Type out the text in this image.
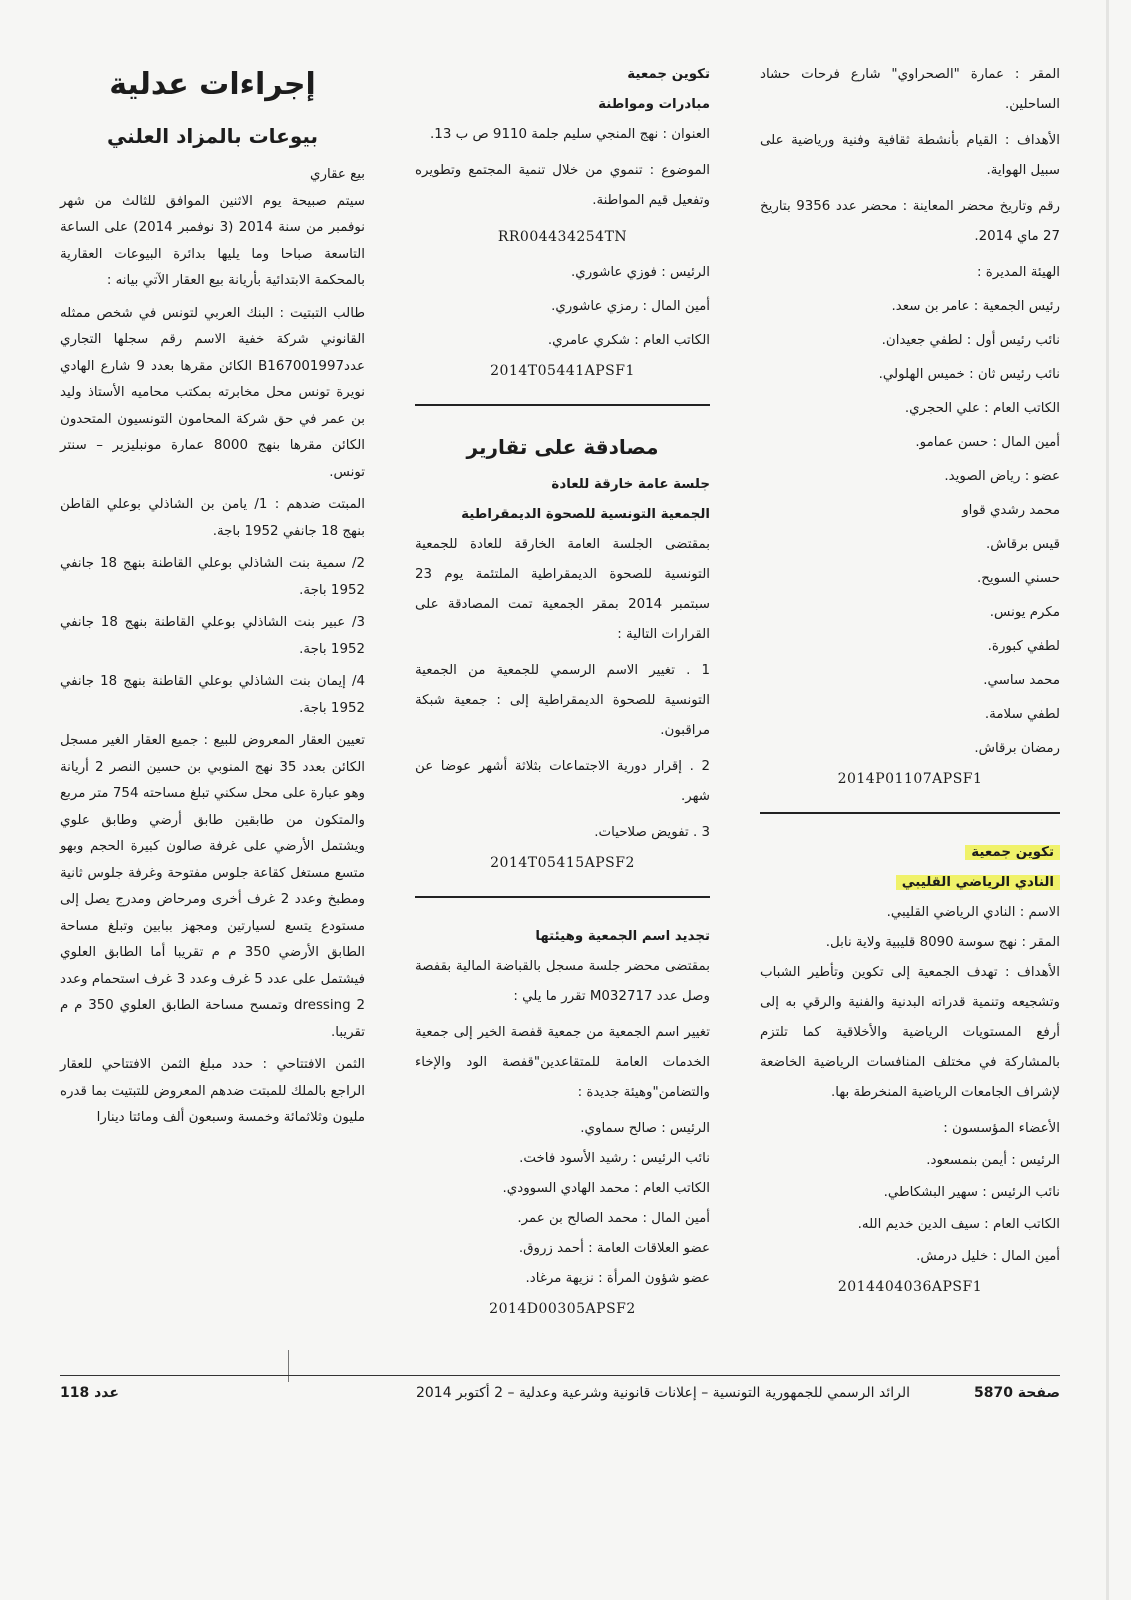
المقر : عمارة "الصحراوي" شارع فرحات حشاد الساحلين.

الأهداف : القيام بأنشطة ثقافية وفنية ورياضية على سبيل الهواية.

رقم وتاريخ محضر المعاينة : محضر عدد 9356 بتاريخ 27 ماي 2014.

الهيئة المديرة :

رئيس الجمعية : عامر بن سعد.

نائب رئيس أول : لطفي جعيدان.

نائب رئيس ثان : خميس الهلولي.

الكاتب العام : علي الحجري.

أمين المال : حسن عمامو.

عضو : رياض الصويد.

محمد رشدي قواو

قيس برقاش.

حسني السويح.

مكرم يونس.

لطفي كبورة.

محمد ساسي.

لطفي سلامة.

رمضان برقاش.

2014P01107APSF1

تكوين جمعية

النادي الرياضي القليبي

الاسم : النادي الرياضي القليبي.

المقر : نهج سوسة 8090 قليبية ولاية نابل.

الأهداف : تهدف الجمعية إلى تكوين وتأطير الشباب وتشجيعه وتنمية قدراته البدنية والفنية والرقي به إلى أرفع المستويات الرياضية والأخلاقية كما تلتزم بالمشاركة في مختلف المنافسات الرياضية الخاضعة لإشراف الجامعات الرياضية المنخرطة بها.

الأعضاء المؤسسون :

الرئيس : أيمن بنمسعود.

نائب الرئيس : سهير البشكاطي.

الكاتب العام : سيف الدين خديم الله.

أمين المال : خليل درمش.

2014404036APSF1

تكوين جمعية

مبادرات ومواطنة

العنوان : نهج المنجي سليم جلمة 9110 ص ب 13.

الموضوع : تنموي من خلال تنمية المجتمع وتطويره وتفعيل قيم المواطنة.

RR004434254TN

الرئيس : فوزي عاشوري.

أمين المال : رمزي عاشوري.

الكاتب العام : شكري عامري.

2014T05441APSF1

مصادقة على تقارير

جلسة عامة خارقة للعادة

الجمعية التونسية للصحوة الديمقراطية

بمقتضى الجلسة العامة الخارقة للعادة للجمعية التونسية للصحوة الديمقراطية الملتئمة يوم 23 سبتمبر 2014 بمقر الجمعية تمت المصادقة على القرارات التالية :

1 . تغيير الاسم الرسمي للجمعية من الجمعية التونسية للصحوة الديمقراطية إلى : جمعية شبكة مراقبون.

2 . إقرار دورية الاجتماعات بثلاثة أشهر عوضا عن شهر.

3 . تفويض صلاحيات.

2014T05415APSF2

تجديد اسم الجمعية وهيئتها

بمقتضى محضر جلسة مسجل بالقباضة المالية بقفصة وصل عدد M032717 تقرر ما يلي :

تغيير اسم الجمعية من جمعية قفصة الخير إلى جمعية الخدمات العامة للمتقاعدين"قفصة الود والإخاء والتضامن"وهيئة جديدة :

الرئيس : صالح سماوي.

نائب الرئيس : رشيد الأسود فاخت.

الكاتب العام : محمد الهادي السوودي.

أمين المال : محمد الصالح بن عمر.

عضو العلاقات العامة : أحمد زروق.

عضو شؤون المرأة : نزيهة مرغاد.

2014D00305APSF2

إجراءات عدلية

بيوعات بالمزاد العلني

بيع عقاري

سيتم صبيحة يوم الاثنين الموافق للثالث من شهر نوفمبر من سنة 2014 (3 نوفمبر 2014) على الساعة التاسعة صباحا وما يليها بدائرة البيوعات العقارية بالمحكمة الابتدائية بأريانة بيع العقار الآتي بيانه :

طالب التبتيت : البنك العربي لتونس في شخص ممثله القانوني شركة خفية الاسم رقم سجلها التجاري عددB167001997 الكائن مقرها بعدد 9 شارع الهادي نويرة تونس محل مخابرته بمكتب محاميه الأستاذ وليد بن عمر في حق شركة المحامون التونسيون المتحدون الكائن مقرها بنهج 8000 عمارة مونبليزير – سنتر تونس.

المبتت ضدهم : 1/ يامن بن الشاذلي بوعلي القاطن بنهج 18 جانفي 1952 باجة.

2/ سمية بنت الشاذلي بوعلي القاطنة بنهج 18 جانفي 1952 باجة.

3/ عبير بنت الشاذلي بوعلي القاطنة بنهج 18 جانفي 1952 باجة.

4/ إيمان بنت الشاذلي بوعلي القاطنة بنهج 18 جانفي 1952 باجة.

تعيين العقار المعروض للبيع : جميع العقار الغير مسجل الكائن بعدد 35 نهج المنوبي بن حسين النصر 2 أريانة وهو عبارة على محل سكني تبلغ مساحته 754 متر مربع والمتكون من طابقين طابق أرضي وطابق علوي ويشتمل الأرضي على غرفة صالون كبيرة الحجم وبهو متسع مستغل كقاعة جلوس مفتوحة وغرفة جلوس ثانية ومطبخ وعدد 2 غرف أخرى ومرحاض ومدرج يصل إلى مستودع يتسع لسيارتين ومجهز ببابين وتبلغ مساحة الطابق الأرضي 350 م م تقريبا أما الطابق العلوي فيشتمل على عدد 5 غرف وعدد 3 غرف استحمام وعدد 2 dressing وتمسح مساحة الطابق العلوي 350 م م تقريبا.

الثمن الافتتاحي : حدد مبلغ الثمن الافتتاحي للعقار الراجع بالملك للمبتت ضدهم المعروض للتبتيت بما قدره مليون وثلاثمائة وخمسة وسبعون ألف ومائتا دينارا

صفحة 5870
الرائد الرسمي للجمهورية التونسية – إعلانات قانونية وشرعية وعدلية – 2 أكتوبر 2014
عدد 118
